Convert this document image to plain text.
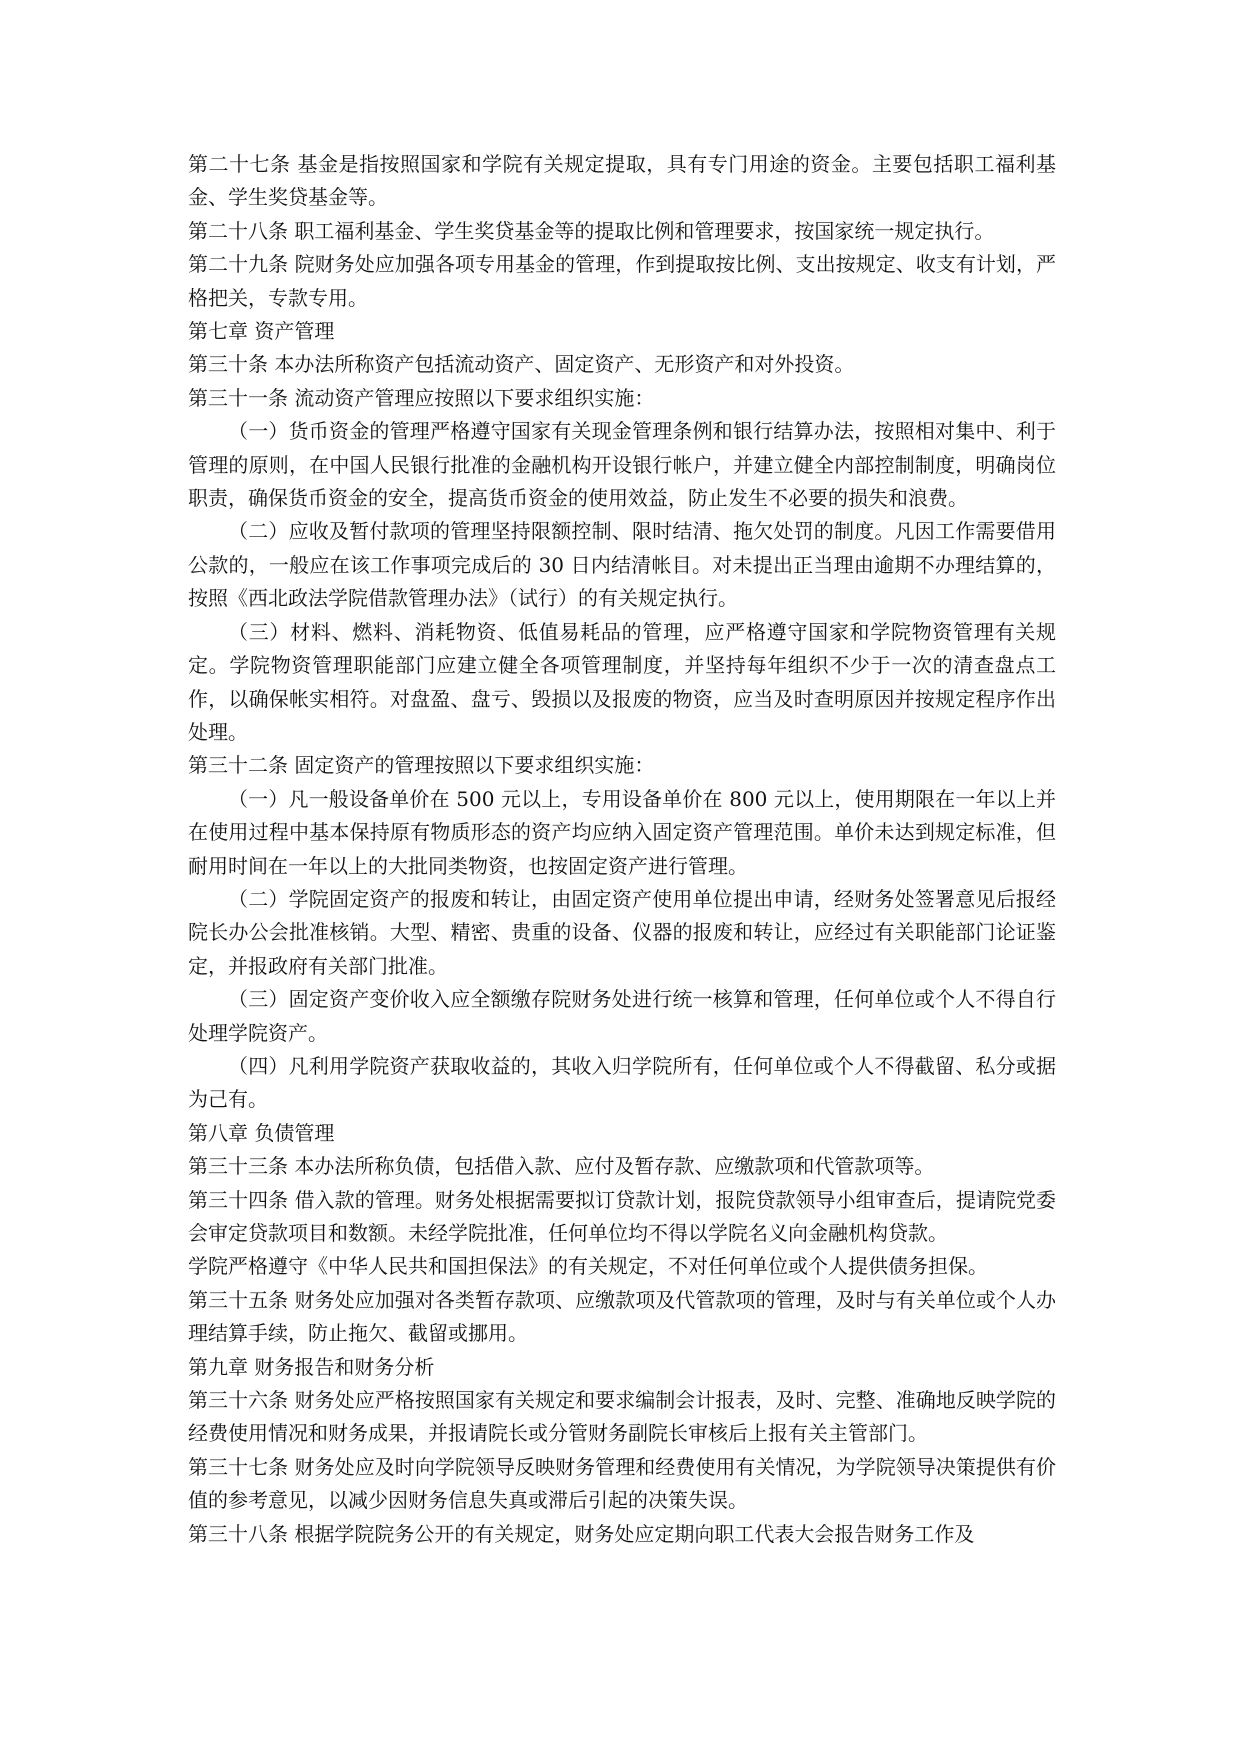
第二十七条 基金是指按照国家和学院有关规定提取，具有专门用途的资金。主要包括职工福利基金、学生奖贷基金等。

第二十八条 职工福利基金、学生奖贷基金等的提取比例和管理要求，按国家统一规定执行。

第二十九条 院财务处应加强各项专用基金的管理，作到提取按比例、支出按规定、收支有计划，严格把关，专款专用。

第七章 资产管理

第三十条 本办法所称资产包括流动资产、固定资产、无形资产和对外投资。

第三十一条 流动资产管理应按照以下要求组织实施：

（一）货币资金的管理严格遵守国家有关现金管理条例和银行结算办法，按照相对集中、利于管理的原则，在中国人民银行批准的金融机构开设银行帐户，并建立健全内部控制制度，明确岗位职责，确保货币资金的安全，提高货币资金的使用效益，防止发生不必要的损失和浪费。

（二）应收及暂付款项的管理坚持限额控制、限时结清、拖欠处罚的制度。凡因工作需要借用公款的，一般应在该工作事项完成后的 30 日内结清帐目。对未提出正当理由逾期不办理结算的，按照《西北政法学院借款管理办法》（试行）的有关规定执行。

（三）材料、燃料、消耗物资、低值易耗品的管理，应严格遵守国家和学院物资管理有关规定。学院物资管理职能部门应建立健全各项管理制度，并坚持每年组织不少于一次的清查盘点工作，以确保帐实相符。对盘盈、盘亏、毁损以及报废的物资，应当及时查明原因并按规定程序作出处理。

第三十二条 固定资产的管理按照以下要求组织实施：

（一）凡一般设备单价在 500 元以上，专用设备单价在 800 元以上，使用期限在一年以上并在使用过程中基本保持原有物质形态的资产均应纳入固定资产管理范围。单价未达到规定标准，但耐用时间在一年以上的大批同类物资，也按固定资产进行管理。

（二）学院固定资产的报废和转让，由固定资产使用单位提出申请，经财务处签署意见后报经院长办公会批准核销。大型、精密、贵重的设备、仪器的报废和转让，应经过有关职能部门论证鉴定，并报政府有关部门批准。

（三）固定资产变价收入应全额缴存院财务处进行统一核算和管理，任何单位或个人不得自行处理学院资产。

（四）凡利用学院资产获取收益的，其收入归学院所有，任何单位或个人不得截留、私分或据为己有。

第八章 负债管理

第三十三条 本办法所称负债，包括借入款、应付及暂存款、应缴款项和代管款项等。

第三十四条 借入款的管理。财务处根据需要拟订贷款计划，报院贷款领导小组审查后，提请院党委会审定贷款项目和数额。未经学院批准，任何单位均不得以学院名义向金融机构贷款。

学院严格遵守《中华人民共和国担保法》的有关规定，不对任何单位或个人提供债务担保。

第三十五条 财务处应加强对各类暂存款项、应缴款项及代管款项的管理，及时与有关单位或个人办理结算手续，防止拖欠、截留或挪用。

第九章 财务报告和财务分析

第三十六条 财务处应严格按照国家有关规定和要求编制会计报表，及时、完整、准确地反映学院的经费使用情况和财务成果，并报请院长或分管财务副院长审核后上报有关主管部门。

第三十七条 财务处应及时向学院领导反映财务管理和经费使用有关情况，为学院领导决策提供有价值的参考意见，以减少因财务信息失真或滞后引起的决策失误。

第三十八条 根据学院院务公开的有关规定，财务处应定期向职工代表大会报告财务工作及
